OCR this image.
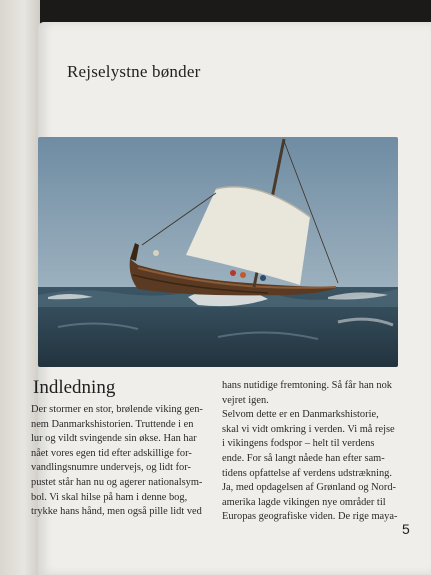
Rejselystne bønder
Indledning
Der stormer en stor, brølende viking gen-
nem Danmarkshistorien. Truttende i en
lur og vildt svingende sin økse. Han har
nået vores egen tid efter adskillige for-
vandlingsnumre undervejs, og lidt for-
pustet står han nu og agerer nationalsym-
bol. Vi skal hilse på ham i denne bog,
trykke hans hånd, men også pille lidt ved
hans nutidige fremtoning. Så får han nok
vejret igen.
Selvom dette er en Danmarkshistorie,
skal vi vidt omkring i verden. Vi må rejse
i vikingens fodspor – helt til verdens
ende. For så langt nåede han efter sam-
tidens opfattelse af verdens udstrækning.
Ja, med opdagelsen af Grønland og Nord-
amerika lagde vikingen nye områder til
Europas geografiske viden. De rige maya-
5
